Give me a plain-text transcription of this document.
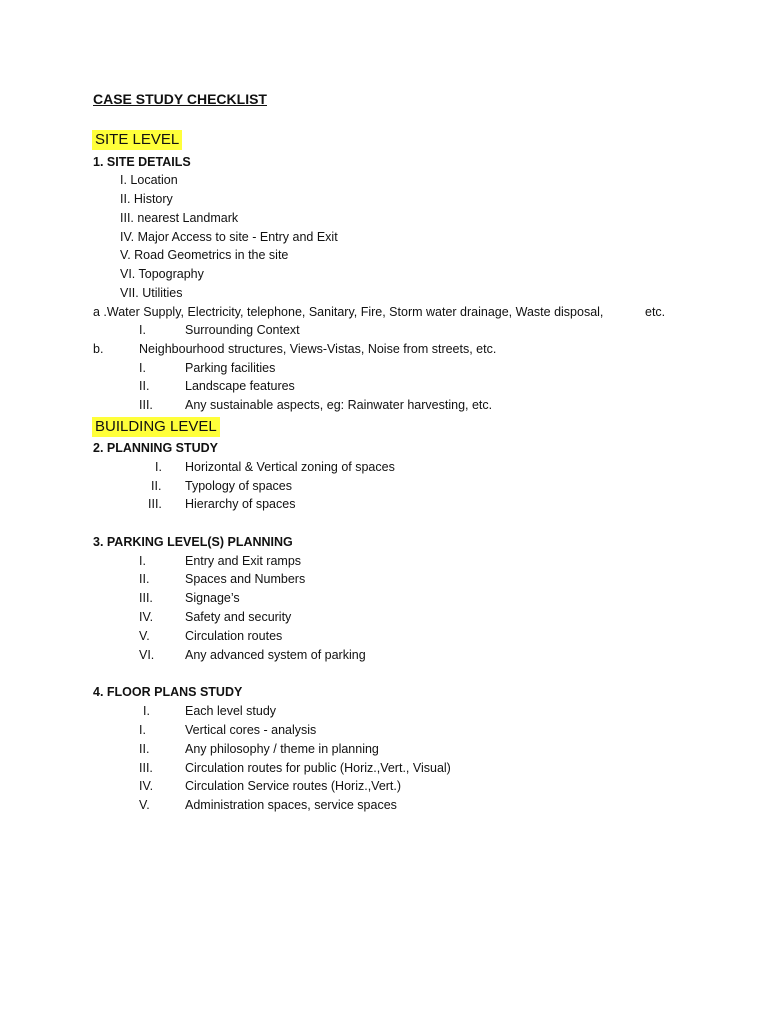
CASE STUDY CHECKLIST
SITE LEVEL
1. SITE DETAILS
I. Location
II. History
III. nearest Landmark
IV. Major Access to site - Entry and Exit
V. Road Geometrics in the site
VI. Topography
VII. Utilities
a .Water Supply, Electricity, telephone, Sanitary, Fire, Storm water drainage, Waste disposal,	etc.
I.	Surrounding Context
b.	Neighbourhood structures, Views-Vistas, Noise from streets, etc.
I.	Parking facilities
II.	Landscape features
III.	Any sustainable aspects, eg: Rainwater harvesting, etc.
BUILDING LEVEL
2. PLANNING STUDY
I. Horizontal & Vertical zoning of spaces
II. Typology of spaces
III. Hierarchy of spaces
3. PARKING LEVEL(S) PLANNING
I.	Entry and Exit ramps
II.	Spaces and Numbers
III.	Signage’s
IV.	Safety and security
V.	Circulation routes
VI. Any advanced system of parking
4. FLOOR PLANS STUDY
I.	Each level study
I.	Vertical cores - analysis
II.	Any philosophy / theme in planning
III.	Circulation routes for public (Horiz.,Vert., Visual)
IV.	Circulation Service routes (Horiz.,Vert.)
V.	Administration spaces, service spaces
